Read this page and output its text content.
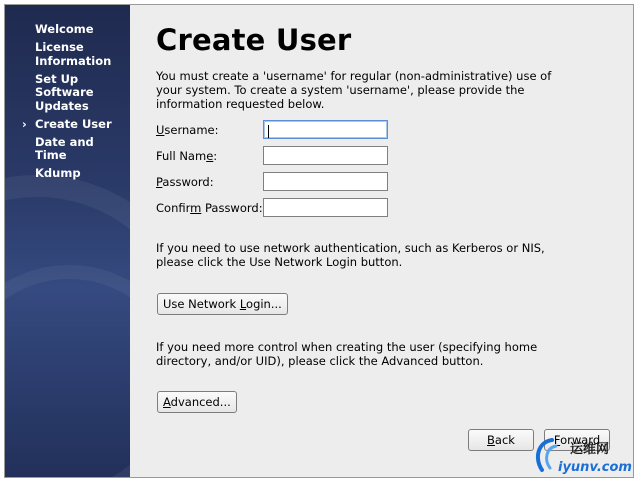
Welcome
License Information
Set Up Software Updates
› Create User
Date and Time
Kdump
Create User

You must create a 'username' for regular (non-administrative) use of your system. To create a system 'username', please provide the information requested below.

Username:
Full Name:
Password:
Confirm Password:

If you need to use network authentication, such as Kerberos or NIS, please click the Use Network Login button.

Use Network Login...

If you need more control when creating the user (specifying home directory, and/or UID), please click the Advanced button.

Advanced...
Back	Forward
运维网
iyunv.com
